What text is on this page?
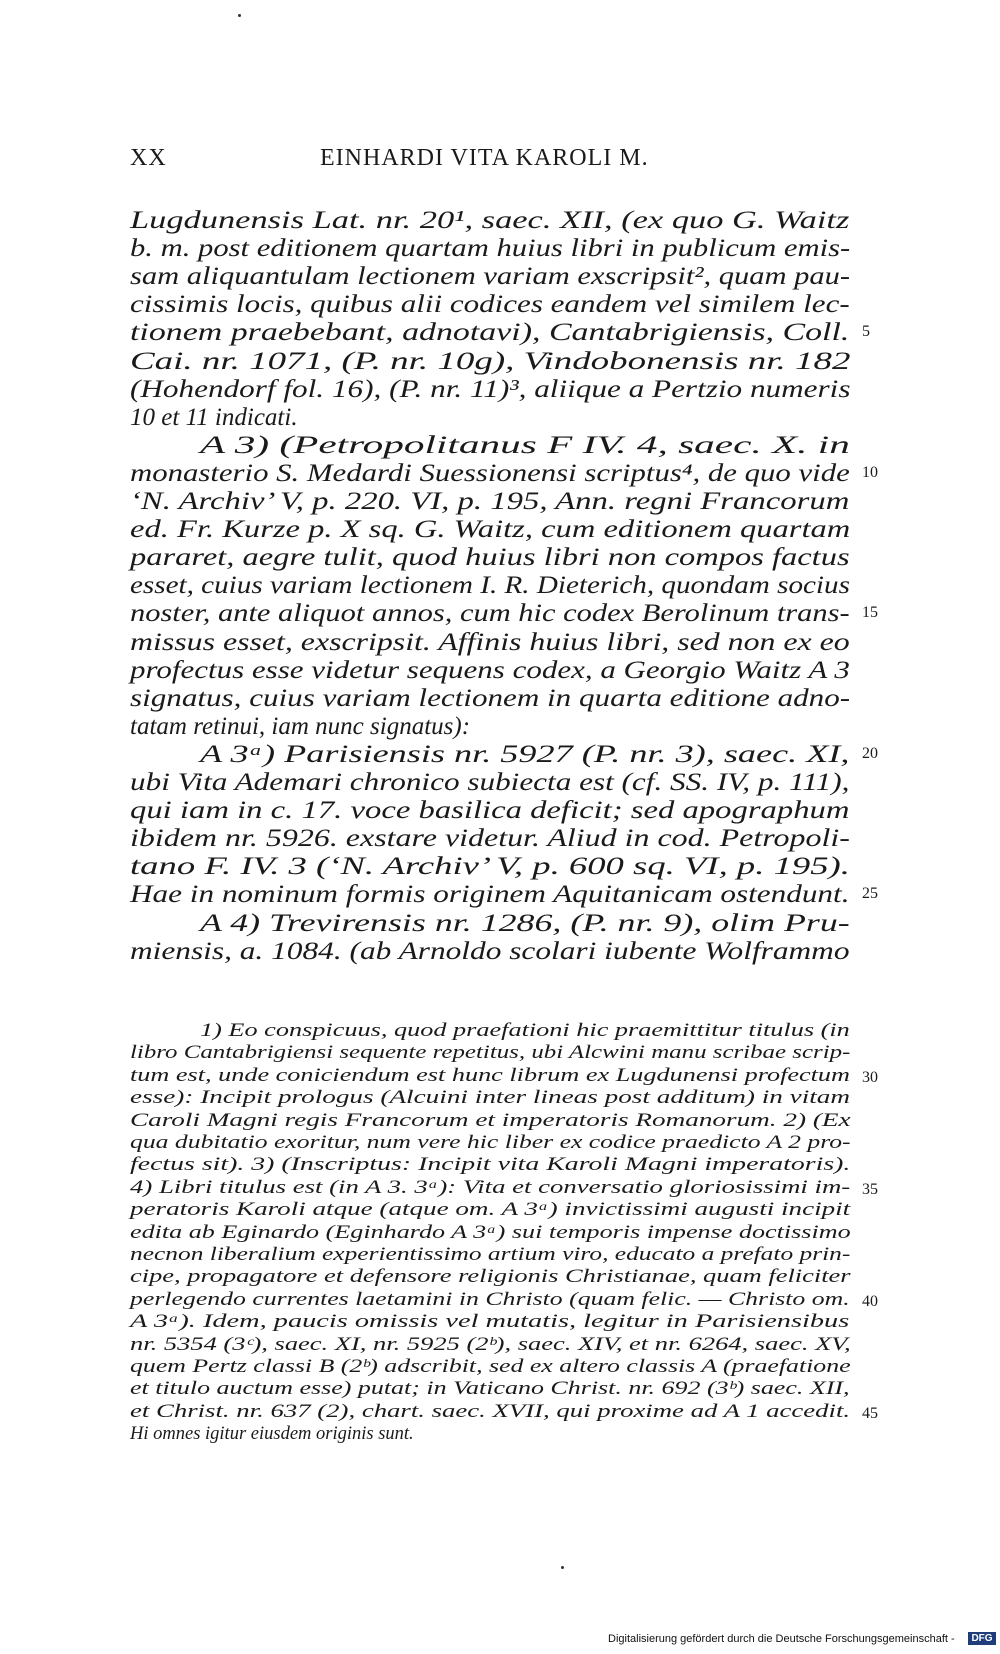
XX	EINHARDI VITA KAROLI M.
Lugdunensis Lat. nr. 20¹, saec. XII, (ex quo G. Waitz
b. m. post editionem quartam huius libri in publicum emis-
sam aliquantulam lectionem variam exscripsit², quam pau-
cissimis locis, quibus alii codices eandem vel similem lec-
tionem praebebant, adnotavi), Cantabrigiensis, Coll. 5
Cai. nr. 1071, (P. nr. 10g), Vindobonensis nr. 182
(Hohendorf fol. 16), (P. nr. 11)³, aliique a Pertzio numeris
10 et 11 indicati.
A 3) (Petropolitanus F IV. 4, saec. X. in
monasterio S. Medardi Suessionensi scriptus⁴, de quo vide 10
‘N. Archiv’ V, p. 220. VI, p. 195, Ann. regni Francorum
ed. Fr. Kurze p. X sq. G. Waitz, cum editionem quartam
pararet, aegre tulit, quod huius libri non compos factus
esset, cuius variam lectionem I. R. Dieterich, quondam socius
noster, ante aliquot annos, cum hic codex Berolinum trans- 15
missus esset, exscripsit. Affinis huius libri, sed non ex eo
profectus esse videtur sequens codex, a Georgio Waitz A 3
signatus, cuius variam lectionem in quarta editione adno-
tatam retinui, iam nunc signatus):
A 3ᵃ) Parisiensis nr. 5927 (P. nr. 3), saec. XI, 20
ubi Vita Ademari chronico subiecta est (cf. SS. IV, p. 111),
qui iam in c. 17. voce basilica deficit; sed apographum
ibidem nr. 5926. exstare videtur. Aliud in cod. Petropoli-
tano F. IV. 3 (‘N. Archiv’ V, p. 600 sq. VI, p. 195).
Hae in nominum formis originem Aquitanicam ostendunt. 25
A 4) Trevirensis nr. 1286, (P. nr. 9), olim Pru-
miensis, a. 1084. (ab Arnoldo scolari iubente Wolframmo
1) Eo conspicuus, quod praefationi hic praemittitur titulus (in
libro Cantabrigiensi sequente repetitus, ubi Alcwini manu scribae scrip-
tum est, unde coniciendum est hunc librum ex Lugdunensi profectum 30
esse): Incipit prologus (Alcuini inter lineas post additum) in vitam
Caroli Magni regis Francorum et imperatoris Romanorum. 2) (Ex
qua dubitatio exoritur, num vere hic liber ex codice praedicto A 2 pro-
fectus sit). 3) (Inscriptus: Incipit vita Karoli Magni imperatoris).
4) Libri titulus est (in A 3. 3ᵃ): Vita et conversatio gloriosissimi im- 35
peratoris Karoli atque (atque om. A 3ᵃ) invictissimi augusti incipit
edita ab Eginardo (Eginhardo A 3ᵃ) sui temporis impense doctissimo
necnon liberalium experientissimo artium viro, educato a prefato prin-
cipe, propagatore et defensore religionis Christianae, quam feliciter
perlegendo currentes laetamini in Christo (quam felic. — Christo om. 40
A 3ᵃ). Idem, paucis omissis vel mutatis, legitur in Parisiensibus
nr. 5354 (3ᶜ), saec. XI, nr. 5925 (2ᵇ), saec. XIV, et nr. 6264, saec. XV,
quem Pertz classi B (2ᵇ) adscribit, sed ex altero classis A (praefatione
et titulo auctum esse) putat; in Vaticano Christ. nr. 692 (3ᵇ) saec. XII,
et Christ. nr. 637 (2), chart. saec. XVII, qui proxime ad A 1 accedit. 45
Hi omnes igitur eiusdem originis sunt.
Digitalisierung gefördert durch die Deutsche Forschungsgemeinschaft -	DFG
